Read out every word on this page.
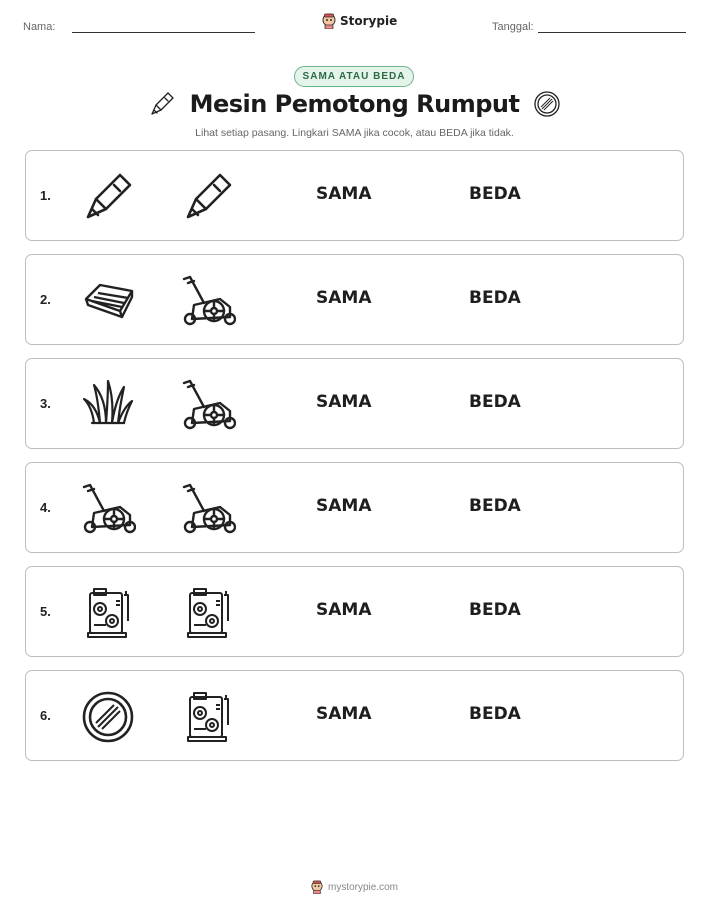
Nama:	Storypie	Tanggal:
SAMA ATAU BEDA
Mesin Pemotong Rumput
Lihat setiap pasang. Lingkari SAMA jika cocok, atau BEDA jika tidak.
1.	SAMA	BEDA
2.	SAMA	BEDA
3.	SAMA	BEDA
4.	SAMA	BEDA
5.	SAMA	BEDA
6.	SAMA	BEDA
mystorypie.com
